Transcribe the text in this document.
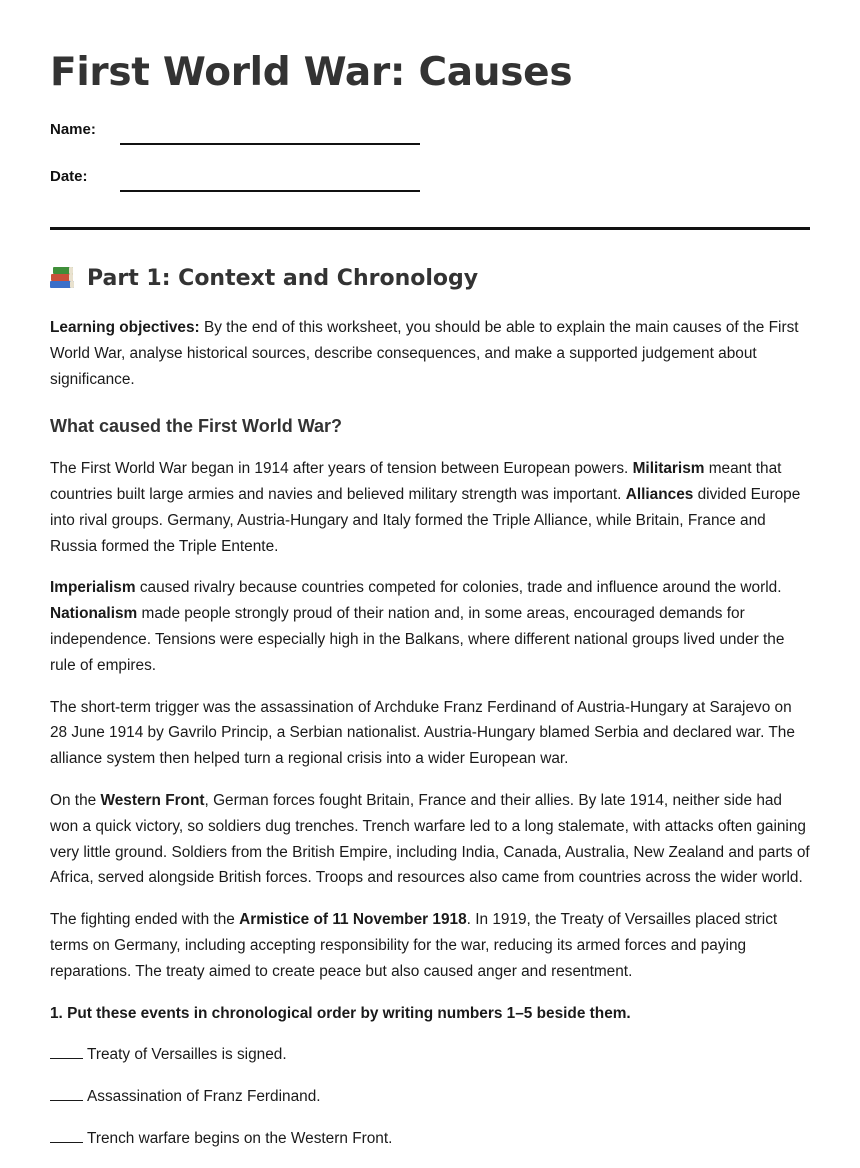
First World War: Causes
Name:
Date:
Part 1: Context and Chronology

Learning objectives: By the end of this worksheet, you should be able to explain the main causes of the First World War, analyse historical sources, describe consequences, and make a supported judgement about significance.

What caused the First World War?

The First World War began in 1914 after years of tension between European powers. Militarism meant that countries built large armies and navies and believed military strength was important. Alliances divided Europe into rival groups. Germany, Austria-Hungary and Italy formed the Triple Alliance, while Britain, France and Russia formed the Triple Entente.

Imperialism caused rivalry because countries competed for colonies, trade and influence around the world. Nationalism made people strongly proud of their nation and, in some areas, encouraged demands for independence. Tensions were especially high in the Balkans, where different national groups lived under the rule of empires.

The short-term trigger was the assassination of Archduke Franz Ferdinand of Austria-Hungary at Sarajevo on 28 June 1914 by Gavrilo Princip, a Serbian nationalist. Austria-Hungary blamed Serbia and declared war. The alliance system then helped turn a regional crisis into a wider European war.

On the Western Front, German forces fought Britain, France and their allies. By late 1914, neither side had won a quick victory, so soldiers dug trenches. Trench warfare led to a long stalemate, with attacks often gaining very little ground. Soldiers from the British Empire, including India, Canada, Australia, New Zealand and parts of Africa, served alongside British forces. Troops and resources also came from countries across the wider world.

The fighting ended with the Armistice of 11 November 1918. In 1919, the Treaty of Versailles placed strict terms on Germany, including accepting responsibility for the war, reducing its armed forces and paying reparations. The treaty aimed to create peace but also caused anger and resentment.

1. Put these events in chronological order by writing numbers 1–5 beside them.

Treaty of Versailles is signed.

Assassination of Franz Ferdinand.

Trench warfare begins on the Western Front.
